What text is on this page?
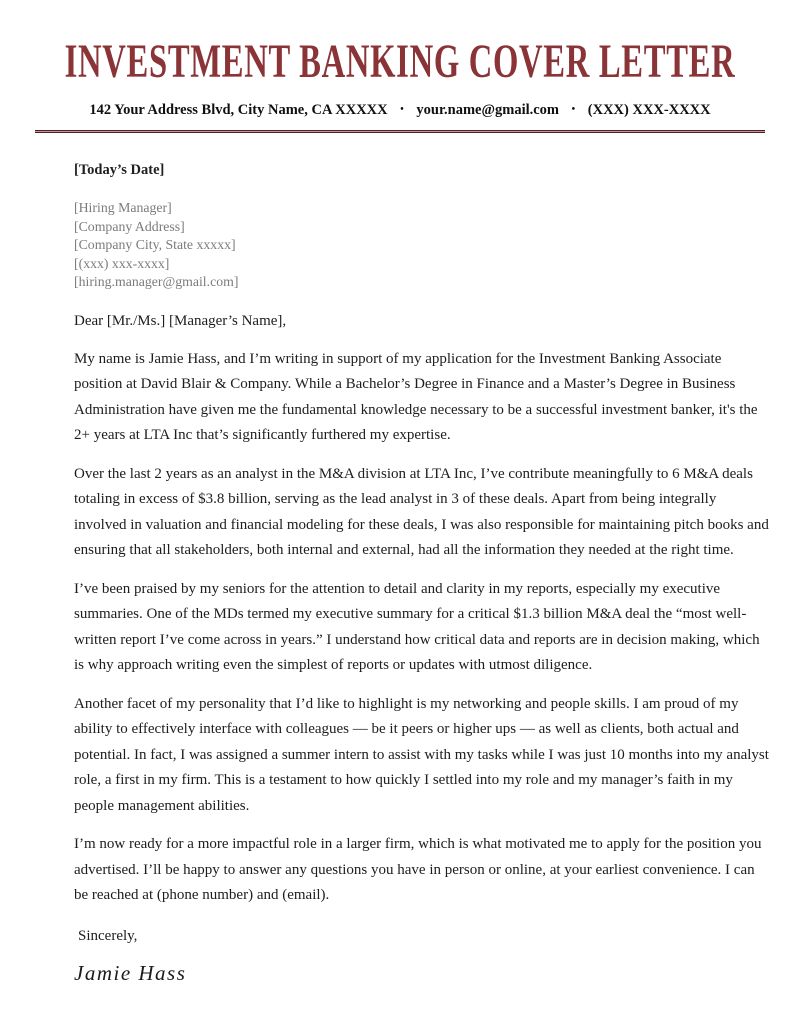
INVESTMENT BANKING COVER LETTER
142 Your Address Blvd, City Name, CA XXXXX • your.name@gmail.com • (XXX) XXX-XXXX

[Today’s Date]

[Hiring Manager]

[Company Address]

[Company City, State xxxxx]

[(xxx) xxx-xxxx]

[hiring.manager@gmail.com]

Dear [Mr./Ms.] [Manager’s Name],

My name is Jamie Hass, and I’m writing in support of my application for the Investment Banking Associate position at David Blair & Company. While a Bachelor’s Degree in Finance and a Master’s Degree in Business Administration have given me the fundamental knowledge necessary to be a successful investment banker, it's the 2+ years at LTA Inc that’s significantly furthered my expertise.

Over the last 2 years as an analyst in the M&A division at LTA Inc, I’ve contribute meaningfully to 6 M&A deals totaling in excess of $3.8 billion, serving as the lead analyst in 3 of these deals. Apart from being integrally involved in valuation and financial modeling for these deals, I was also responsible for maintaining pitch books and ensuring that all stakeholders, both internal and external, had all the information they needed at the right time.

I’ve been praised by my seniors for the attention to detail and clarity in my reports, especially my executive summaries. One of the MDs termed my executive summary for a critical $1.3 billion M&A deal the “most well-written report I’ve come across in years.” I understand how critical data and reports are in decision making, which is why approach writing even the simplest of reports or updates with utmost diligence.

Another facet of my personality that I’d like to highlight is my networking and people skills. I am proud of my ability to effectively interface with colleagues — be it peers or higher ups — as well as clients, both actual and potential. In fact, I was assigned a summer intern to assist with my tasks while I was just 10 months into my analyst role, a first in my firm. This is a testament to how quickly I settled into my role and my manager’s faith in my people management abilities.

I’m now ready for a more impactful role in a larger firm, which is what motivated me to apply for the position you advertised. I’ll be happy to answer any questions you have in person or online, at your earliest convenience. I can be reached at (phone number) and (email).

Sincerely,

Jamie Hass
